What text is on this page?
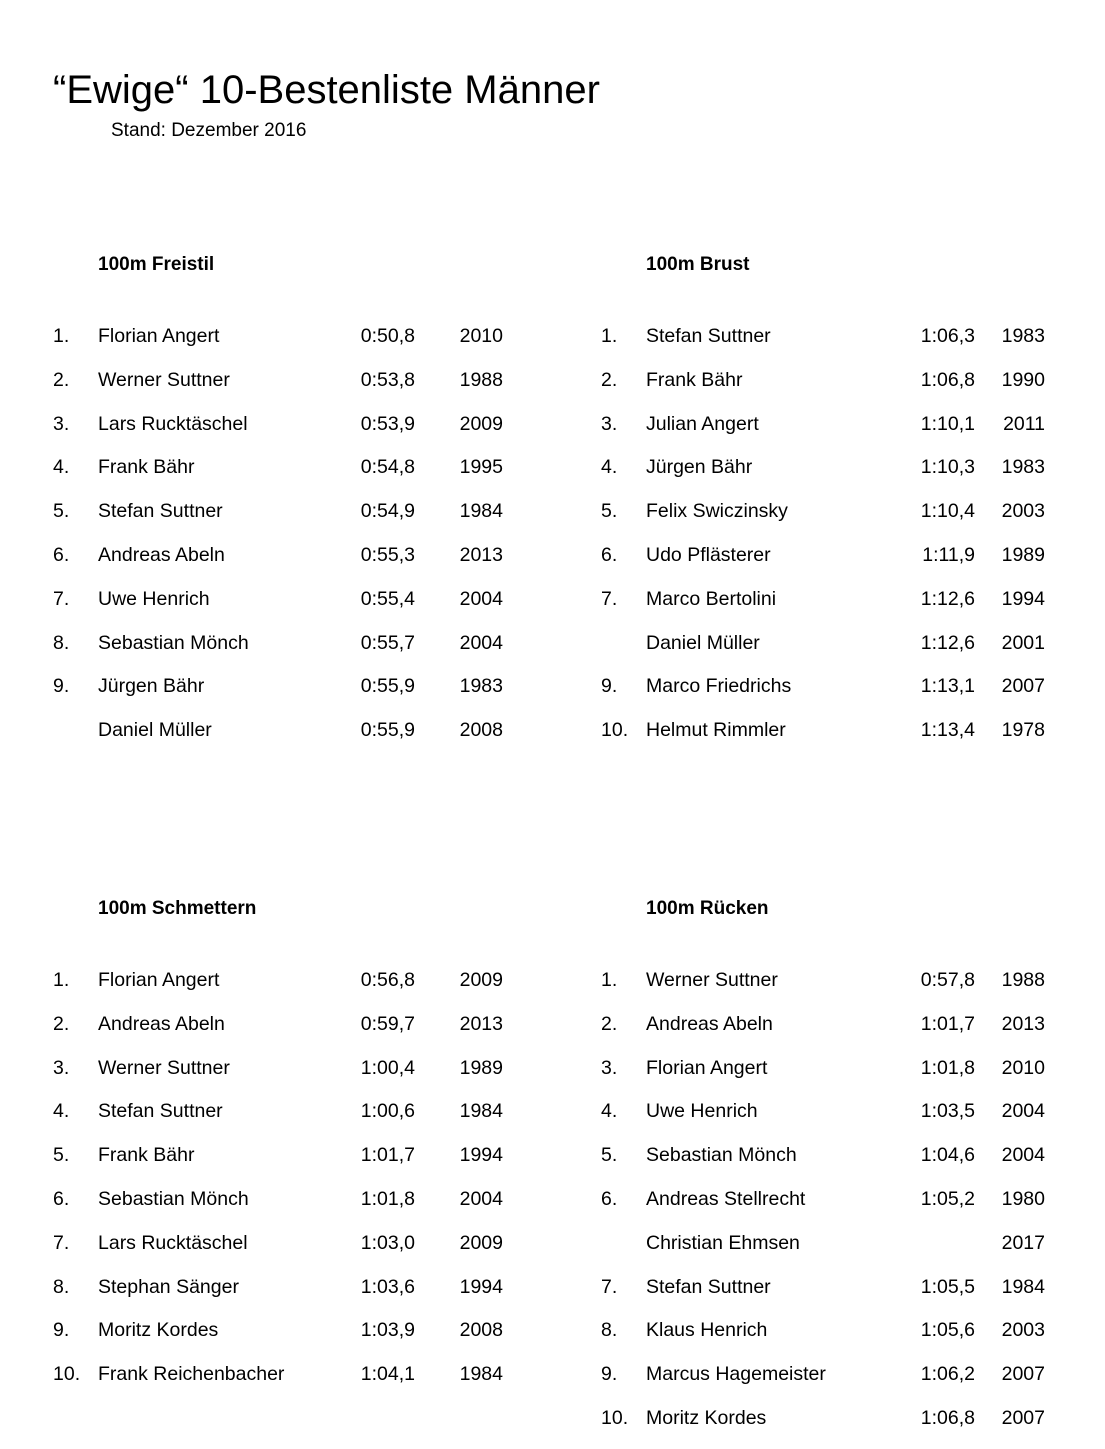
“Ewige“ 10-Bestenliste Männer
Stand: Dezember 2016
100m Freistil
1. Florian Angert	0:50,8 2010
2. Werner Suttner	0:53,8 1988
3. Lars Rucktäschel	0:53,9 2009
4. Frank Bähr	0:54,8 1995
5. Stefan Suttner	0:54,9 1984
6. Andreas Abeln	0:55,3 2013
7. Uwe Henrich	0:55,4 2004
8. Sebastian Mönch	0:55,7 2004
9. Jürgen Bähr	0:55,9 1983
Daniel Müller	0:55,9 2008
100m Brust
1. Stefan Suttner	1:06,3 1983
2. Frank Bähr	1:06,8 1990
3. Julian Angert	1:10,1 2011
4. Jürgen Bähr	1:10,3 1983
5. Felix Swiczinsky	1:10,4 2003
6. Udo Pflästerer	1:11,9 1989
7. Marco Bertolini	1:12,6 1994
Daniel Müller	1:12,6 2001
9. Marco Friedrichs	1:13,1 2007
10. Helmut Rimmler	1:13,4 1978
100m Schmettern
1. Florian Angert	0:56,8 2009
2. Andreas Abeln	0:59,7 2013
3. Werner Suttner	1:00,4 1989
4. Stefan Suttner	1:00,6 1984
5. Frank Bähr	1:01,7 1994
6. Sebastian Mönch	1:01,8 2004
7. Lars Rucktäschel	1:03,0 2009
8. Stephan Sänger	1:03,6 1994
9. Moritz Kordes	1:03,9 2008
10. Frank Reichenbacher	1:04,1 1984
100m Rücken
1. Werner Suttner	0:57,8 1988
2. Andreas Abeln	1:01,7 2013
3. Florian Angert	1:01,8 2010
4. Uwe Henrich	1:03,5 2004
5. Sebastian Mönch	1:04,6 2004
6. Andreas Stellrecht	1:05,2 1980
Christian Ehmsen	2017
7. Stefan Suttner	1:05,5 1984
8. Klaus Henrich	1:05,6 2003
9. Marcus Hagemeister	1:06,2 2007
10. Moritz Kordes	1:06,8 2007
